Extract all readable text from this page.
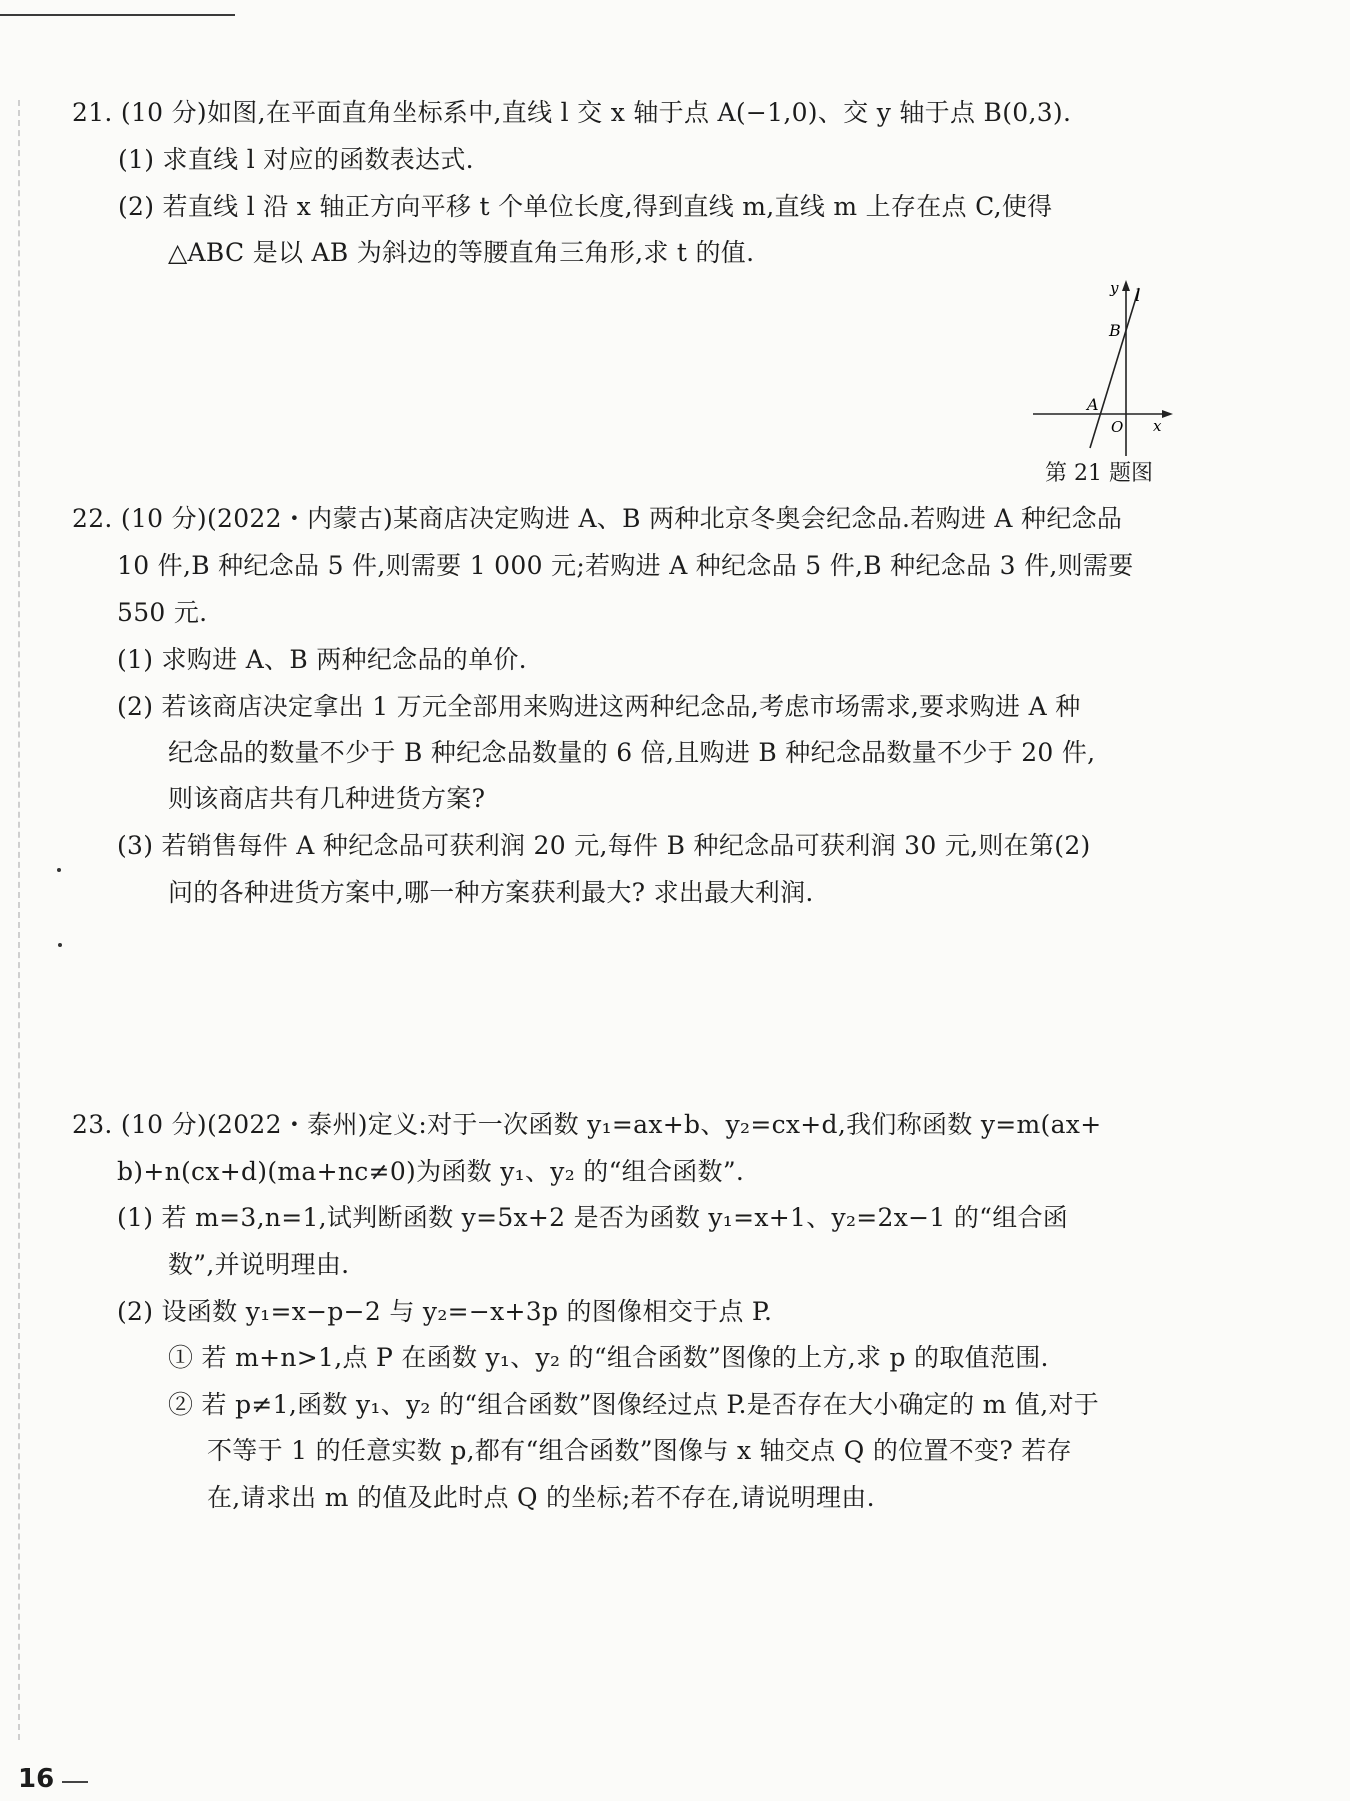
21. (10 分)如图,在平面直角坐标系中,直线 l 交 x 轴于点 A(−1,0)、交 y 轴于点 B(0,3).
(1) 求直线 l 对应的函数表达式.
(2) 若直线 l 沿 x 轴正方向平移 t 个单位长度,得到直线 m,直线 m 上存在点 C,使得
△ABC 是以 AB 为斜边的等腰直角三角形,求 t 的值.
y l
B
A
O x
第 21 题图
22. (10 分)(2022・内蒙古)某商店决定购进 A、B 两种北京冬奥会纪念品.若购进 A 种纪念品
10 件,B 种纪念品 5 件,则需要 1 000 元;若购进 A 种纪念品 5 件,B 种纪念品 3 件,则需要
550 元.
(1) 求购进 A、B 两种纪念品的单价.
(2) 若该商店决定拿出 1 万元全部用来购进这两种纪念品,考虑市场需求,要求购进 A 种
纪念品的数量不少于 B 种纪念品数量的 6 倍,且购进 B 种纪念品数量不少于 20 件,
则该商店共有几种进货方案?
(3) 若销售每件 A 种纪念品可获利润 20 元,每件 B 种纪念品可获利润 30 元,则在第(2)
问的各种进货方案中,哪一种方案获利最大? 求出最大利润.
23. (10 分)(2022・泰州)定义:对于一次函数 y₁=ax+b、y₂=cx+d,我们称函数 y=m(ax+
b)+n(cx+d)(ma+nc≠0)为函数 y₁、y₂ 的“组合函数”.
(1) 若 m=3,n=1,试判断函数 y=5x+2 是否为函数 y₁=x+1、y₂=2x−1 的“组合函
数”,并说明理由.
(2) 设函数 y₁=x−p−2 与 y₂=−x+3p 的图像相交于点 P.
① 若 m+n>1,点 P 在函数 y₁、y₂ 的“组合函数”图像的上方,求 p 的取值范围.
② 若 p≠1,函数 y₁、y₂ 的“组合函数”图像经过点 P.是否存在大小确定的 m 值,对于
不等于 1 的任意实数 p,都有“组合函数”图像与 x 轴交点 Q 的位置不变? 若存
在,请求出 m 的值及此时点 Q 的坐标;若不存在,请说明理由.
16
